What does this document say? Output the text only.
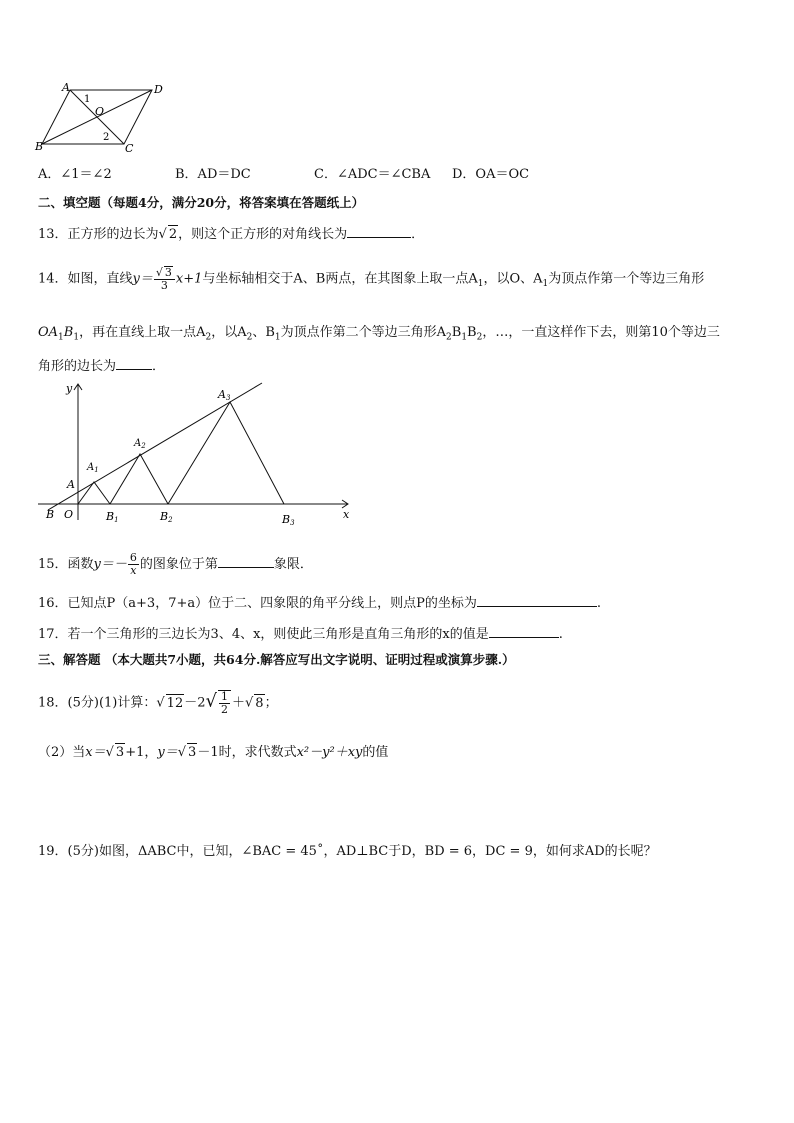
A	D
B	C
O
1
2
A．∠1＝∠2	B．AD＝DC	C．∠ADC＝∠CBA D．OA＝OC
二、填空题（每题4分，满分20分，将答案填在答题纸上）
13．正方形的边长为√ 2，则这个正方形的对角线长为	．
14．如图，直线$y= \frac{√ 3}{3} x+1$与坐标轴相交于A、B两点，在其图象上取一点$A_1$，以O、$A_1$为顶点作第一个等边三角形
$OA_1B_1$，再在直线上取一点$A_2$，以$A_2$、$B_1$为顶点作第二个等边三角形$A_2B_1B_2$，…，一直这样作下去，则第10个等边三
角形的边长为	．
y
x
A
$A_1$
$A_2$
A3
B O	B1	B2	B3
15．函数$y=- \frac{6}{x}$ 的图象位于第	象限．
16．已知点P（a+3，7+a）位于二、四象限的角平分线上，则点P的坐标为	.
17．若一个三角形的三边长为3、4、x，则使此三角形是直角三角形的x的值是	.
三、解答题 （本大题共7小题，共64分.解答应写出文字说明、证明过程或演算步骤.）
18．(5分)(1)计算：√ $12-2√ \frac{1}{2}$ ＋√ 8；
（2）当x＝√ 3+1，y＝√ 3－1时，求代数式x²－y²＋xy的值
19．(5分)如图，ΔABC中，已知，∠BAC = 45˚，AD⊥BC于D，BD = 6，DC = 9，如何求AD的长呢？
